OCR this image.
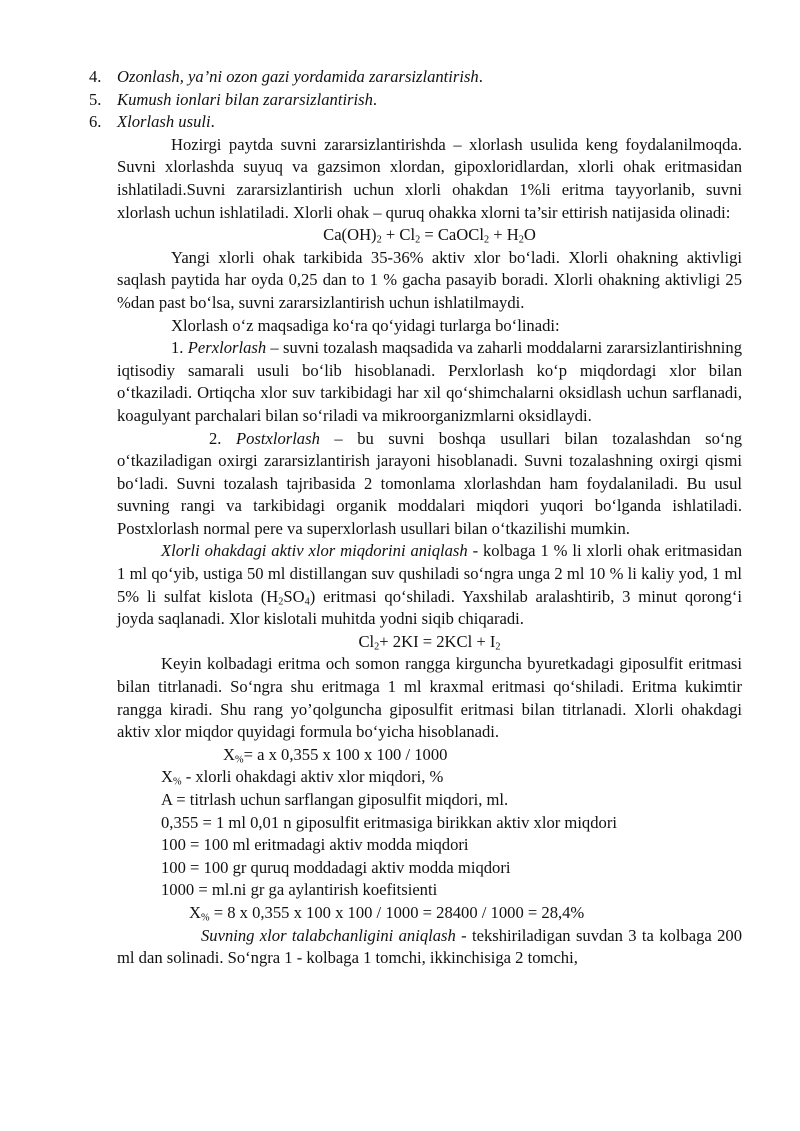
4. Ozonlash, ya’ni ozon gazi yordamida zararsizlantirish.
5. Kumush ionlari bilan zararsizlantirish.
6. Xlorlash usuli.

Hozirgi paytda suvni zararsizlantirishda – xlorlash usulida keng foydalanilmoqda. Suvni xlorlashda suyuq va gazsimon xlordan, gipoxloridlardan, xlorli ohak eritmasidan ishlatiladi.Suvni zararsizlantirish uchun xlorli ohakdan 1%li eritma tayyorlanib, suvni xlorlash uchun ishlatiladi. Xlorli ohak – quruq ohakka xlorni ta’sir ettirish natijasida olinadi:

$Ca(OH)_2 + Cl_2$ = CaOCl$_2$ + $H_2O$

Yangi xlorli ohak tarkibida 35-36% aktiv xlor bo‘ladi. Xlorli ohakning aktivligi saqlash paytida har oyda 0,25 dan to 1 % gacha pasayib boradi. Xlorli ohakning aktivligi 25 %dan past bo‘lsa, suvni zararsizlantirish uchun ishlatilmaydi.

Xlorlash o‘z maqsadiga ko‘ra qo‘yidagi turlarga bo‘linadi:

1. Perxlorlash – suvni tozalash maqsadida va zaharli moddalarni zararsizlantirishning iqtisodiy samarali usuli bo‘lib hisoblanadi. Perxlorlash ko‘p miqdordagi xlor bilan o‘tkaziladi. Ortiqcha xlor suv tarkibidagi har xil qo‘shimchalarni oksidlash uchun sarflanadi, koagulyant parchalari bilan so‘riladi va mikroorganizmlarni oksidlaydi.

2. Postxlorlash – bu suvni boshqa usullari bilan tozalashdan so‘ng o‘tkaziladigan oxirgi zararsizlantirish jarayoni hisoblanadi. Suvni tozalashning oxirgi qismi bo‘ladi. Suvni tozalash tajribasida 2 tomonlama xlorlashdan ham foydalaniladi. Bu usul suvning rangi va tarkibidagi organik moddalari miqdori yuqori bo‘lganda ishlatiladi. Postxlorlash normal pere va superxlorlash usullari bilan o‘tkazilishi mumkin.

Xlorli ohakdagi aktiv xlor miqdorini aniqlash - kolbaga 1 % li xlorli ohak eritmasidan 1 ml qo‘yib, ustiga 50 ml distillangan suv qushiladi so‘ngra unga 2 ml 10 % li kaliy yod, 1 ml 5% li sulfat kislota $(H_2SO_4)$ eritmasi qo‘shiladi. Yaxshilab aralashtirib, 3 minut qorong‘i joyda saqlanadi. Xlor kislotali muhitda yodni siqib chiqaradi.

$Cl_2+ 2KI = 2KCl + I_2$

Keyin kolbadagi eritma och somon rangga kirguncha byuretkadagi giposulfit eritmasi bilan titrlanadi. So‘ngra shu eritmaga 1 ml kraxmal eritmasi qo‘shiladi. Eritma kukimtir rangga kiradi. Shu rang yo’qolguncha giposulfit eritmasi bilan titrlanadi. Xlorli ohakdagi aktiv xlor miqdor quyidagi formula bo‘yicha hisoblanadi.

$X_{\%}= a$ x 0,355 x 100 x 100 / 1000

$X_{\%}$ - xlorli ohakdagi aktiv xlor miqdori, %

A = titrlash uchun sarflangan giposulfit miqdori, ml.

0,355 = 1 ml 0,01 n giposulfit eritmasiga birikkan aktiv xlor miqdori

100 = 100 ml eritmadagi aktiv modda miqdori

100 = 100 gr quruq moddadagi aktiv modda miqdori

1000 = ml.ni gr ga aylantirish koefitsienti

$X_{\%} = 8$ x 0,355 x 100 x 100 / 1000 = 28400 / 1000 = 28,4%

Suvning xlor talabchanligini aniqlash - tekshiriladigan suvdan 3 ta kolbaga 200 ml dan solinadi. So‘ngra 1 - kolbaga 1 tomchi, ikkinchisiga 2 tomchi,
